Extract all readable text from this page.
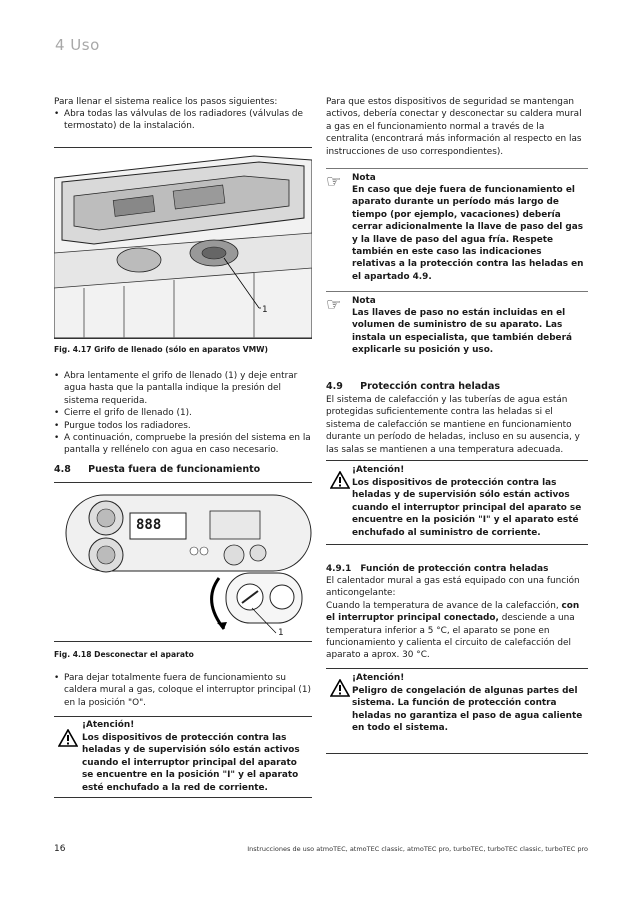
4 Uso
Para llenar el sistema realice los pasos siguientes:
• Abra todas las válvulas de los radiadores (válvulas de termostato) de la instalación.
1
Fig. 4.17 Grifo de llenado (sólo en aparatos VMW)
• Abra lentamente el grifo de llenado (1) y deje entrar agua hasta que la pantalla indique la presión del sistema requerida.
• Cierre el grifo de llenado (1).
• Purgue todos los radiadores.
• A continuación, compruebe la presión del sistema en la pantalla y rellénelo con agua en caso necesario.
4.8 Puesta fuera de funcionamiento
888
1
Fig. 4.18 Desconectar el aparato
• Para dejar totalmente fuera de funcionamiento su caldera mural a gas, coloque el interruptor principal (1) en la posición "O".
¡Atención!
Los dispositivos de protección contra las heladas y de supervisión sólo están activos cuando el interruptor principal del aparato se encuentre en la posición "I" y el aparato esté enchufado a la red de corriente.
Para que estos dispositivos de seguridad se mantengan activos, debería conectar y desconectar su caldera mural a gas en el funcionamiento normal a través de la centralita (encontrará más información al respecto en las instrucciones de uso correspondientes).
☞ Nota
En caso que deje fuera de funcionamiento el aparato durante un período más largo de tiempo (por ejemplo, vacaciones) debería cerrar adicionalmente la llave de paso del gas y la llave de paso del agua fría. Respete también en este caso las indicaciones relativas a la protección contra las heladas en el apartado 4.9.
☞ Nota
Las llaves de paso no están incluidas en el volumen de suministro de su aparato. Las instala un especialista, que también deberá explicarle su posición y uso.
4.9 Protección contra heladas
El sistema de calefacción y las tuberías de agua están protegidas suficientemente contra las heladas si el sistema de calefacción se mantiene en funcionamiento durante un período de heladas, incluso en su ausencia, y las salas se mantienen a una temperatura adecuada.
¡Atención!
Los dispositivos de protección contra las heladas y de supervisión sólo están activos cuando el interruptor principal del aparato se encuentre en la posición "I" y el aparato esté enchufado al suministro de corriente.
4.9.1 Función de protección contra heladas
El calentador mural a gas está equipado con una función anticongelante:
Cuando la temperatura de avance de la calefacción, con el interruptor principal conectado, desciende a una temperatura inferior a 5 °C, el aparato se pone en funcionamiento y calienta el circuito de calefacción del aparato a aprox. 30 °C.
¡Atención!
Peligro de congelación de algunas partes del sistema. La función de protección contra heladas no garantiza el paso de agua caliente en todo el sistema.
16	Instrucciones de uso atmoTEC, atmoTEC classic, atmoTEC pro, turboTEC, turboTEC classic, turboTEC pro
